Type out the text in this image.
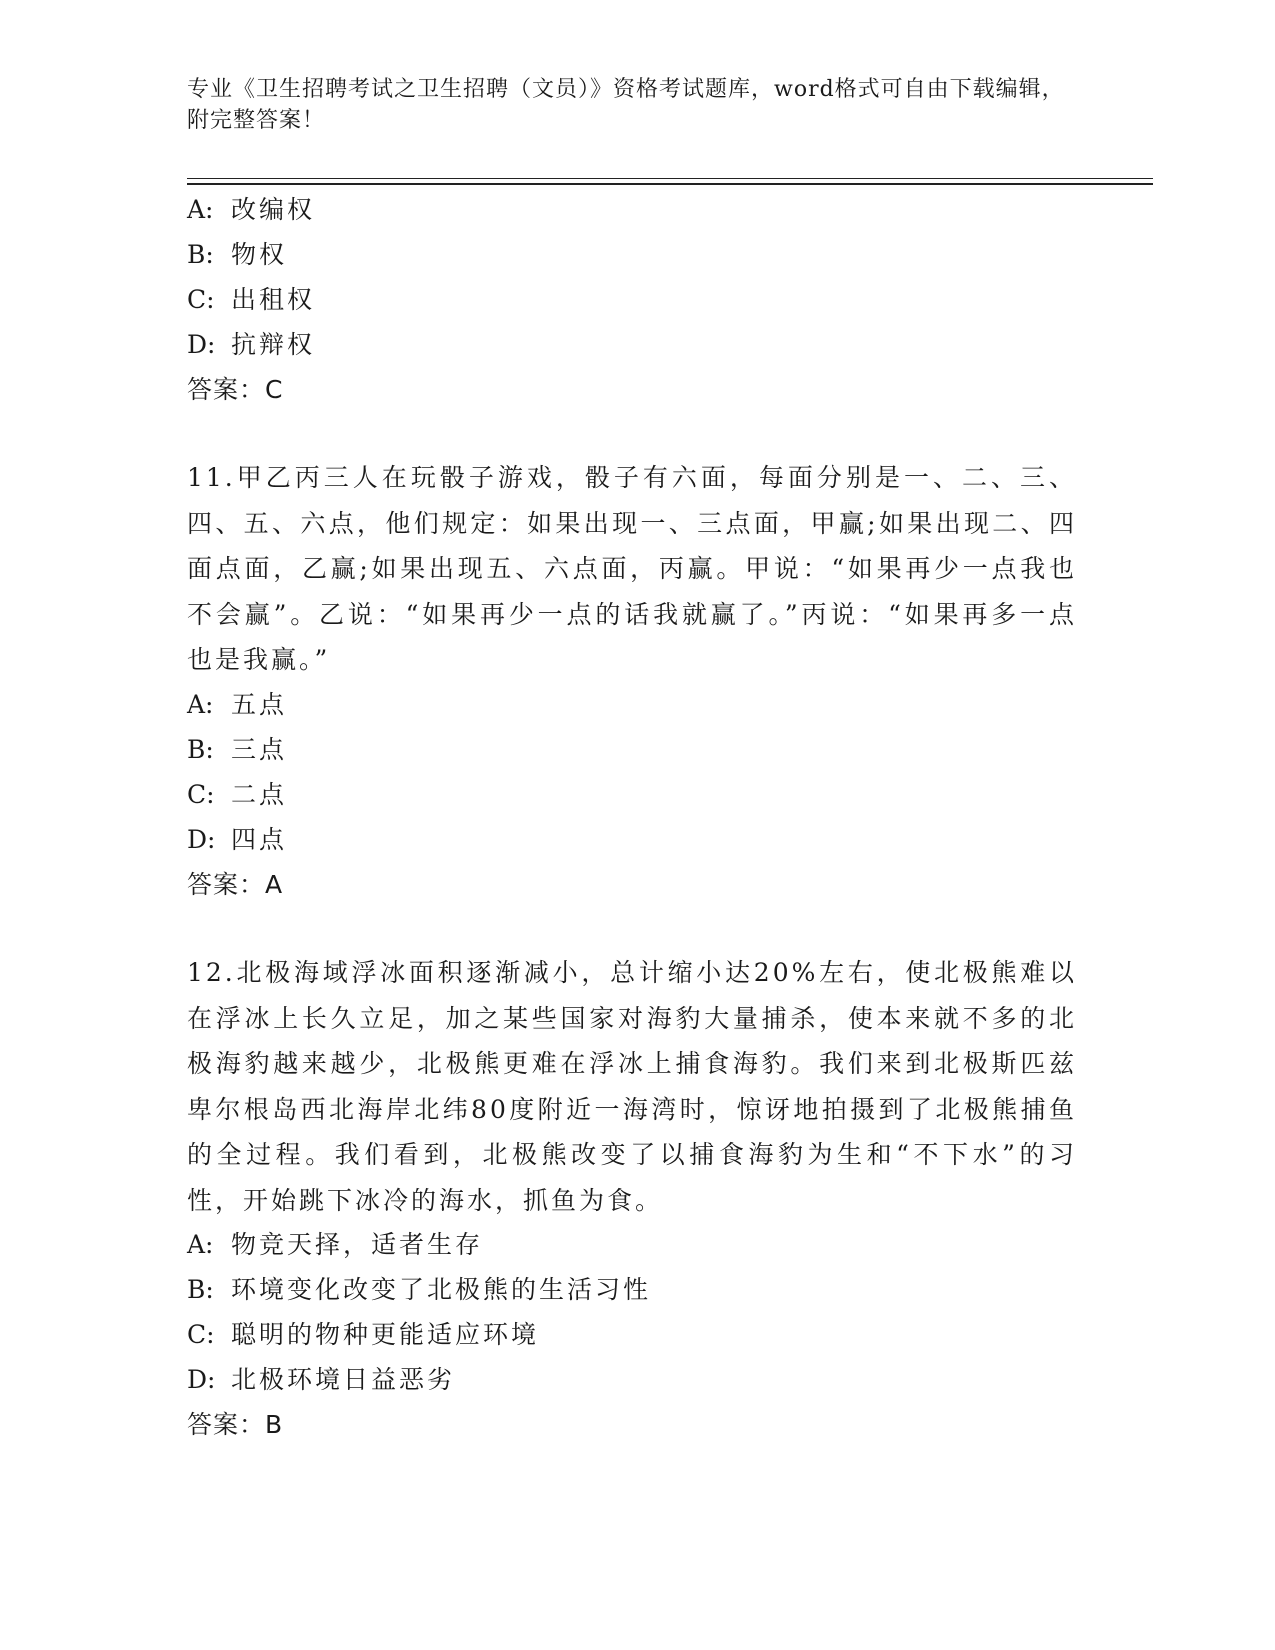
专业《卫生招聘考试之卫生招聘（文员）》资格考试题库，word格式可自由下载编辑，附完整答案！
A: 改编权
B: 物权
C: 出租权
D: 抗辩权
答案：C
11.甲乙丙三人在玩骰子游戏，骰子有六面，每面分别是一、二、三、四、五、六点，他们规定：如果出现一、三点面，甲赢;如果出现二、四面点面，乙赢;如果出现五、六点面，丙赢。甲说：“如果再少一点我也不会赢”。乙说：“如果再少一点的话我就赢了。”丙说：“如果再多一点也是我赢。”
A: 五点
B: 三点
C: 二点
D: 四点
答案：A
12.北极海域浮冰面积逐渐减小，总计缩小达20%左右，使北极熊难以在浮冰上长久立足，加之某些国家对海豹大量捕杀，使本来就不多的北极海豹越来越少，北极熊更难在浮冰上捕食海豹。我们来到北极斯匹兹卑尔根岛西北海岸北纬80度附近一海湾时，惊讶地拍摄到了北极熊捕鱼的全过程。我们看到，北极熊改变了以捕食海豹为生和“不下水”的习性，开始跳下冰冷的海水，抓鱼为食。
A: 物竞天择，适者生存
B: 环境变化改变了北极熊的生活习性
C: 聪明的物种更能适应环境
D: 北极环境日益恶劣
答案：B
